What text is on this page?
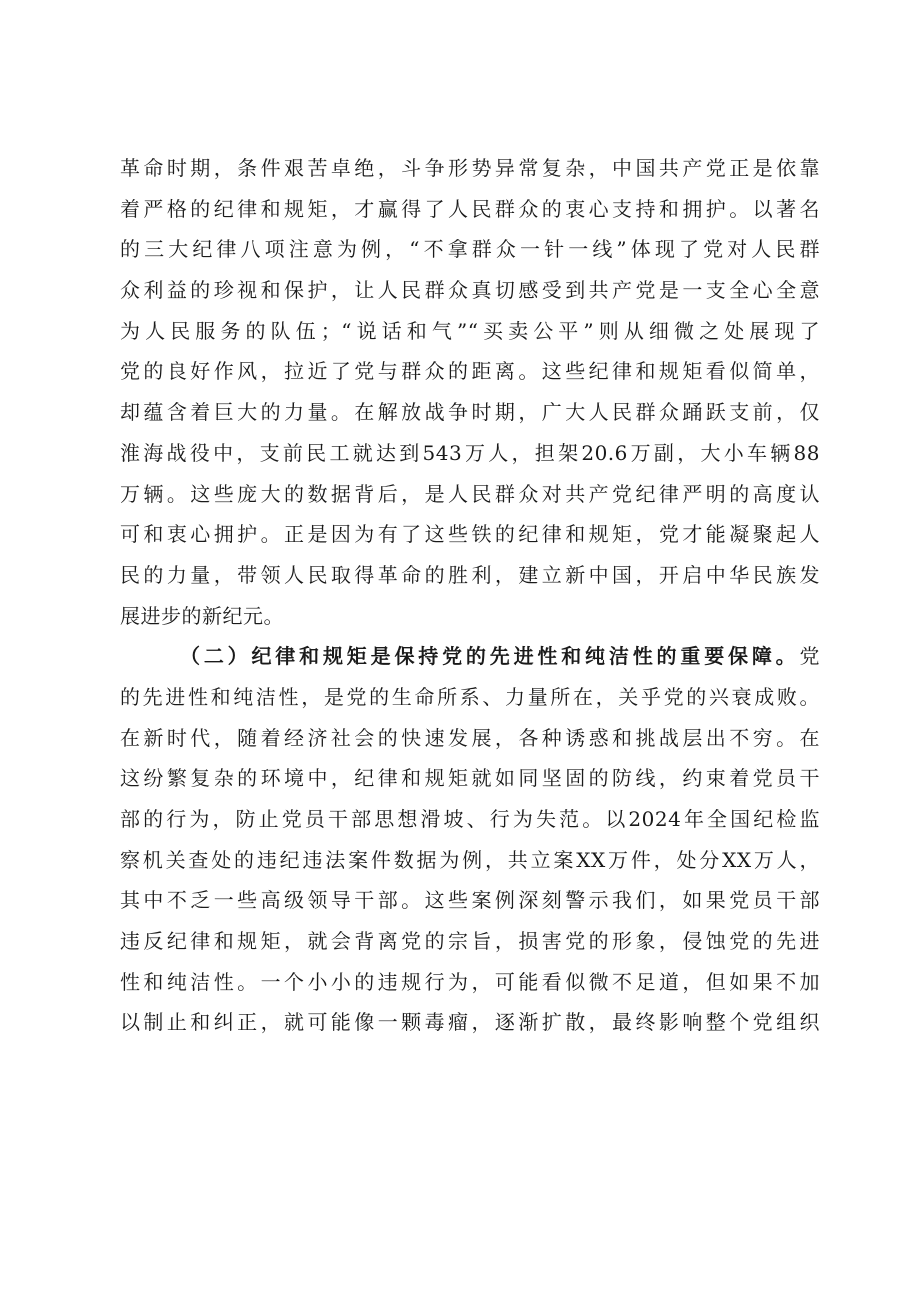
革命时期，条件艰苦卓绝，斗争形势异常复杂，中国共产党正是依靠
着严格的纪律和规矩，才赢得了人民群众的衷心支持和拥护。以著名
的三大纪律八项注意为例，“不拿群众一针一线”体现了党对人民群
众利益的珍视和保护，让人民群众真切感受到共产党是一支全心全意
为人民服务的队伍；“说话和气”“买卖公平”则从细微之处展现了
党的良好作风，拉近了党与群众的距离。这些纪律和规矩看似简单，
却蕴含着巨大的力量。在解放战争时期，广大人民群众踊跃支前，仅
淮海战役中，支前民工就达到543万人，担架20.6万副，大小车辆88
万辆。这些庞大的数据背后，是人民群众对共产党纪律严明的高度认
可和衷心拥护。正是因为有了这些铁的纪律和规矩，党才能凝聚起人
民的力量，带领人民取得革命的胜利，建立新中国，开启中华民族发
展进步的新纪元。
（二）纪律和规矩是保持党的先进性和纯洁性的重要保障。党
的先进性和纯洁性，是党的生命所系、力量所在，关乎党的兴衰成败。
在新时代，随着经济社会的快速发展，各种诱惑和挑战层出不穷。在
这纷繁复杂的环境中，纪律和规矩就如同坚固的防线，约束着党员干
部的行为，防止党员干部思想滑坡、行为失范。以2024年全国纪检监
察机关查处的违纪违法案件数据为例，共立案XX万件，处分XX万人，
其中不乏一些高级领导干部。这些案例深刻警示我们，如果党员干部
违反纪律和规矩，就会背离党的宗旨，损害党的形象，侵蚀党的先进
性和纯洁性。一个小小的违规行为，可能看似微不足道，但如果不加
以制止和纠正，就可能像一颗毒瘤，逐渐扩散，最终影响整个党组织
